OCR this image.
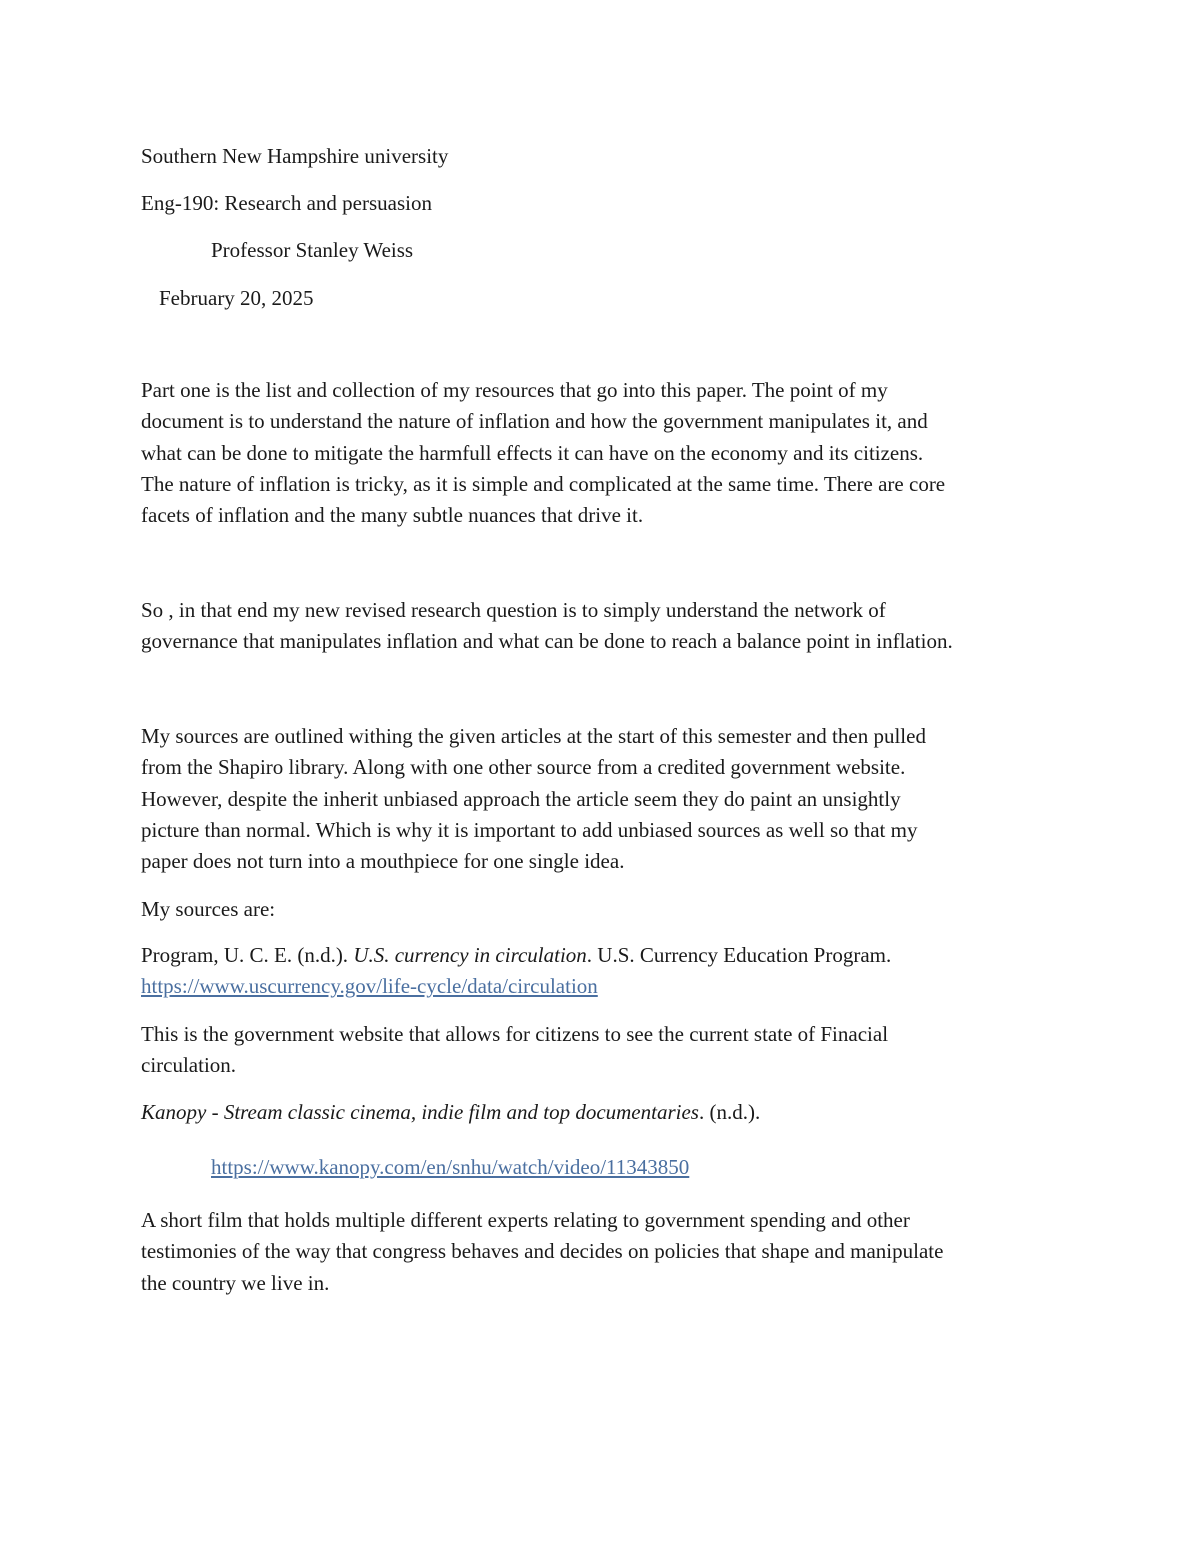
Southern New Hampshire university
Eng-190: Research and persuasion
Professor Stanley Weiss
February 20, 2025
Part one is the list and collection of my resources that go into this paper. The point of my
document is to understand the nature of inflation and how the government manipulates it, and
what can be done to mitigate the harmfull effects it can have on the economy and its citizens.
The nature of inflation is tricky, as it is simple and complicated at the same time. There are core
facets of inflation and the many subtle nuances that drive it.
So , in that end my new revised research question is to simply understand the network of
governance that manipulates inflation and what can be done to reach a balance point in inflation.
My sources are outlined withing the given articles at the start of this semester and then pulled
from the Shapiro library. Along with one other source from a credited government website.
However, despite the inherit unbiased approach the article seem they do paint an unsightly
picture than normal. Which is why it is important to add unbiased sources as well so that my
paper does not turn into a mouthpiece for one single idea.
My sources are:
Program, U. C. E. (n.d.). U.S. currency in circulation. U.S. Currency Education Program.
https://www.uscurrency.gov/life-cycle/data/circulation
This is the government website that allows for citizens to see the current state of Finacial
circulation.
Kanopy - Stream classic cinema, indie film and top documentaries. (n.d.).
https://www.kanopy.com/en/snhu/watch/video/11343850
A short film that holds multiple different experts relating to government spending and other
testimonies of the way that congress behaves and decides on policies that shape and manipulate
the country we live in.
